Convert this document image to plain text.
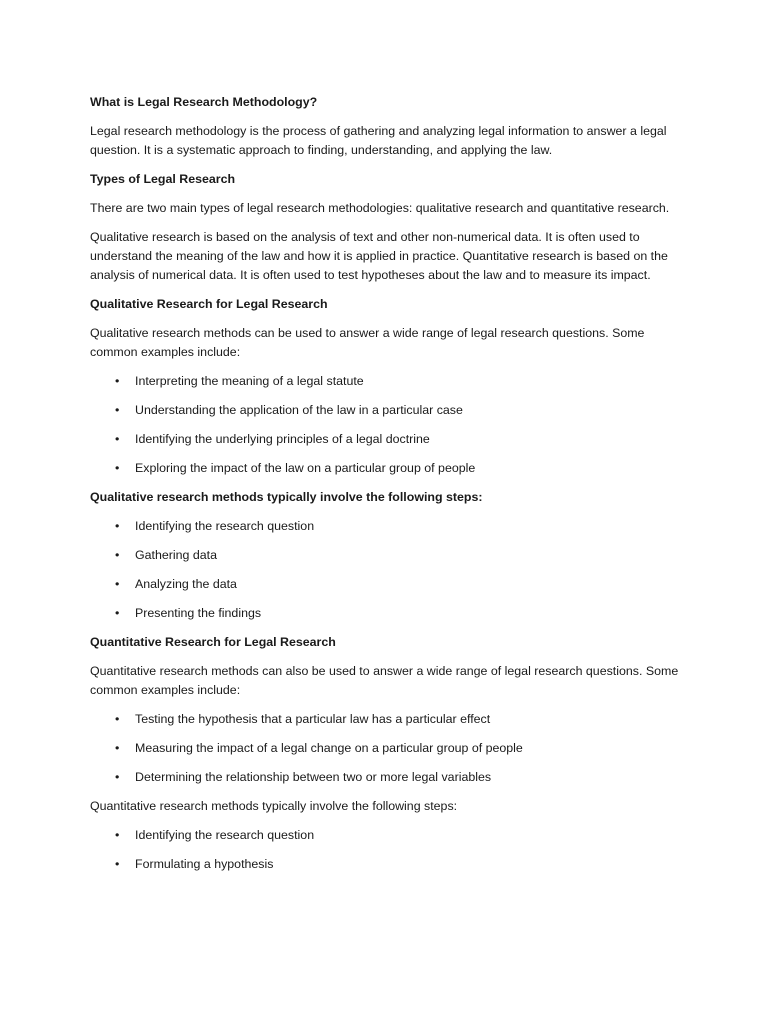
What is Legal Research Methodology?

Legal research methodology is the process of gathering and analyzing legal information to answer a legal question. It is a systematic approach to finding, understanding, and applying the law.

Types of Legal Research

There are two main types of legal research methodologies: qualitative research and quantitative research.

Qualitative research is based on the analysis of text and other non-numerical data. It is often used to understand the meaning of the law and how it is applied in practice. Quantitative research is based on the analysis of numerical data. It is often used to test hypotheses about the law and to measure its impact.

Qualitative Research for Legal Research

Qualitative research methods can be used to answer a wide range of legal research questions. Some common examples include:

• Interpreting the meaning of a legal statute
• Understanding the application of the law in a particular case
• Identifying the underlying principles of a legal doctrine
• Exploring the impact of the law on a particular group of people

Qualitative research methods typically involve the following steps:

• Identifying the research question
• Gathering data
• Analyzing the data
• Presenting the findings

Quantitative Research for Legal Research

Quantitative research methods can also be used to answer a wide range of legal research questions. Some common examples include:

• Testing the hypothesis that a particular law has a particular effect
• Measuring the impact of a legal change on a particular group of people
• Determining the relationship between two or more legal variables

Quantitative research methods typically involve the following steps:

• Identifying the research question
• Formulating a hypothesis
